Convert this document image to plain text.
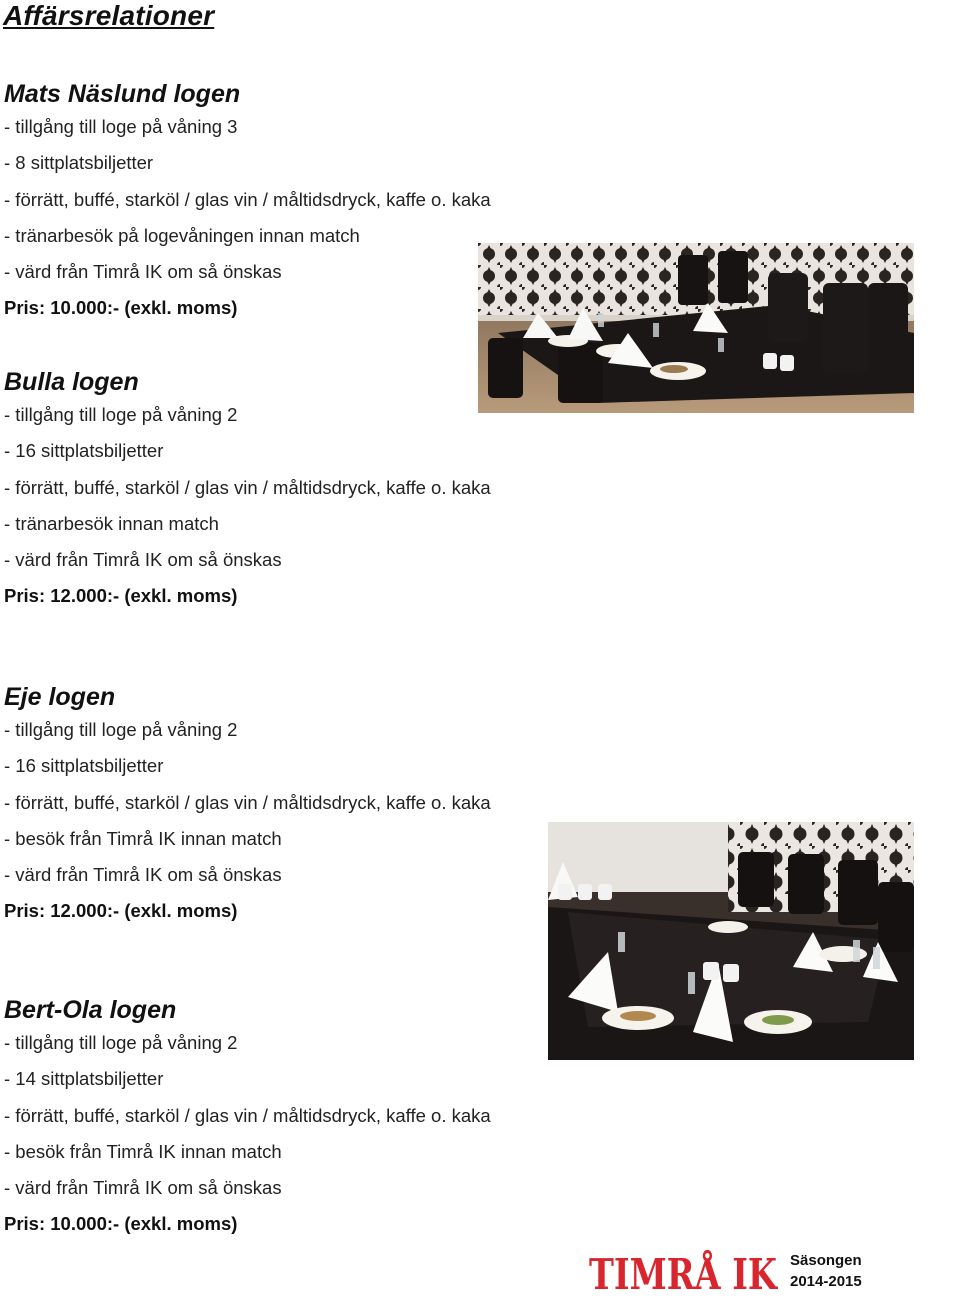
Affärsrelationer
Mats Näslund logen
- tillgång till loge på våning 3
- 8 sittplatsbiljetter
- förrätt, buffé, starköl / glas vin / måltidsdryck, kaffe o. kaka
- tränarbesök på logevåningen innan match
- värd från Timrå IK om så önskas
Pris: 10.000:- (exkl. moms)
Bulla logen
- tillgång till loge på våning 2
- 16 sittplatsbiljetter
- förrätt, buffé, starköl / glas vin / måltidsdryck, kaffe o. kaka
- tränarbesök innan match
- värd från Timrå IK om så önskas
Pris: 12.000:- (exkl. moms)
Eje logen
- tillgång till loge på våning 2
- 16 sittplatsbiljetter
- förrätt, buffé, starköl / glas vin / måltidsdryck, kaffe o. kaka
- besök från Timrå IK innan match
- värd från Timrå IK om så önskas
Pris: 12.000:- (exkl. moms)
Bert-Ola logen
- tillgång till loge på våning 2
- 14 sittplatsbiljetter
- förrätt, buffé, starköl / glas vin / måltidsdryck, kaffe o. kaka
- besök från Timrå IK innan match
- värd från Timrå IK om så önskas
Pris: 10.000:- (exkl. moms)
TIMRÅ	Säsongen
2014-2015
